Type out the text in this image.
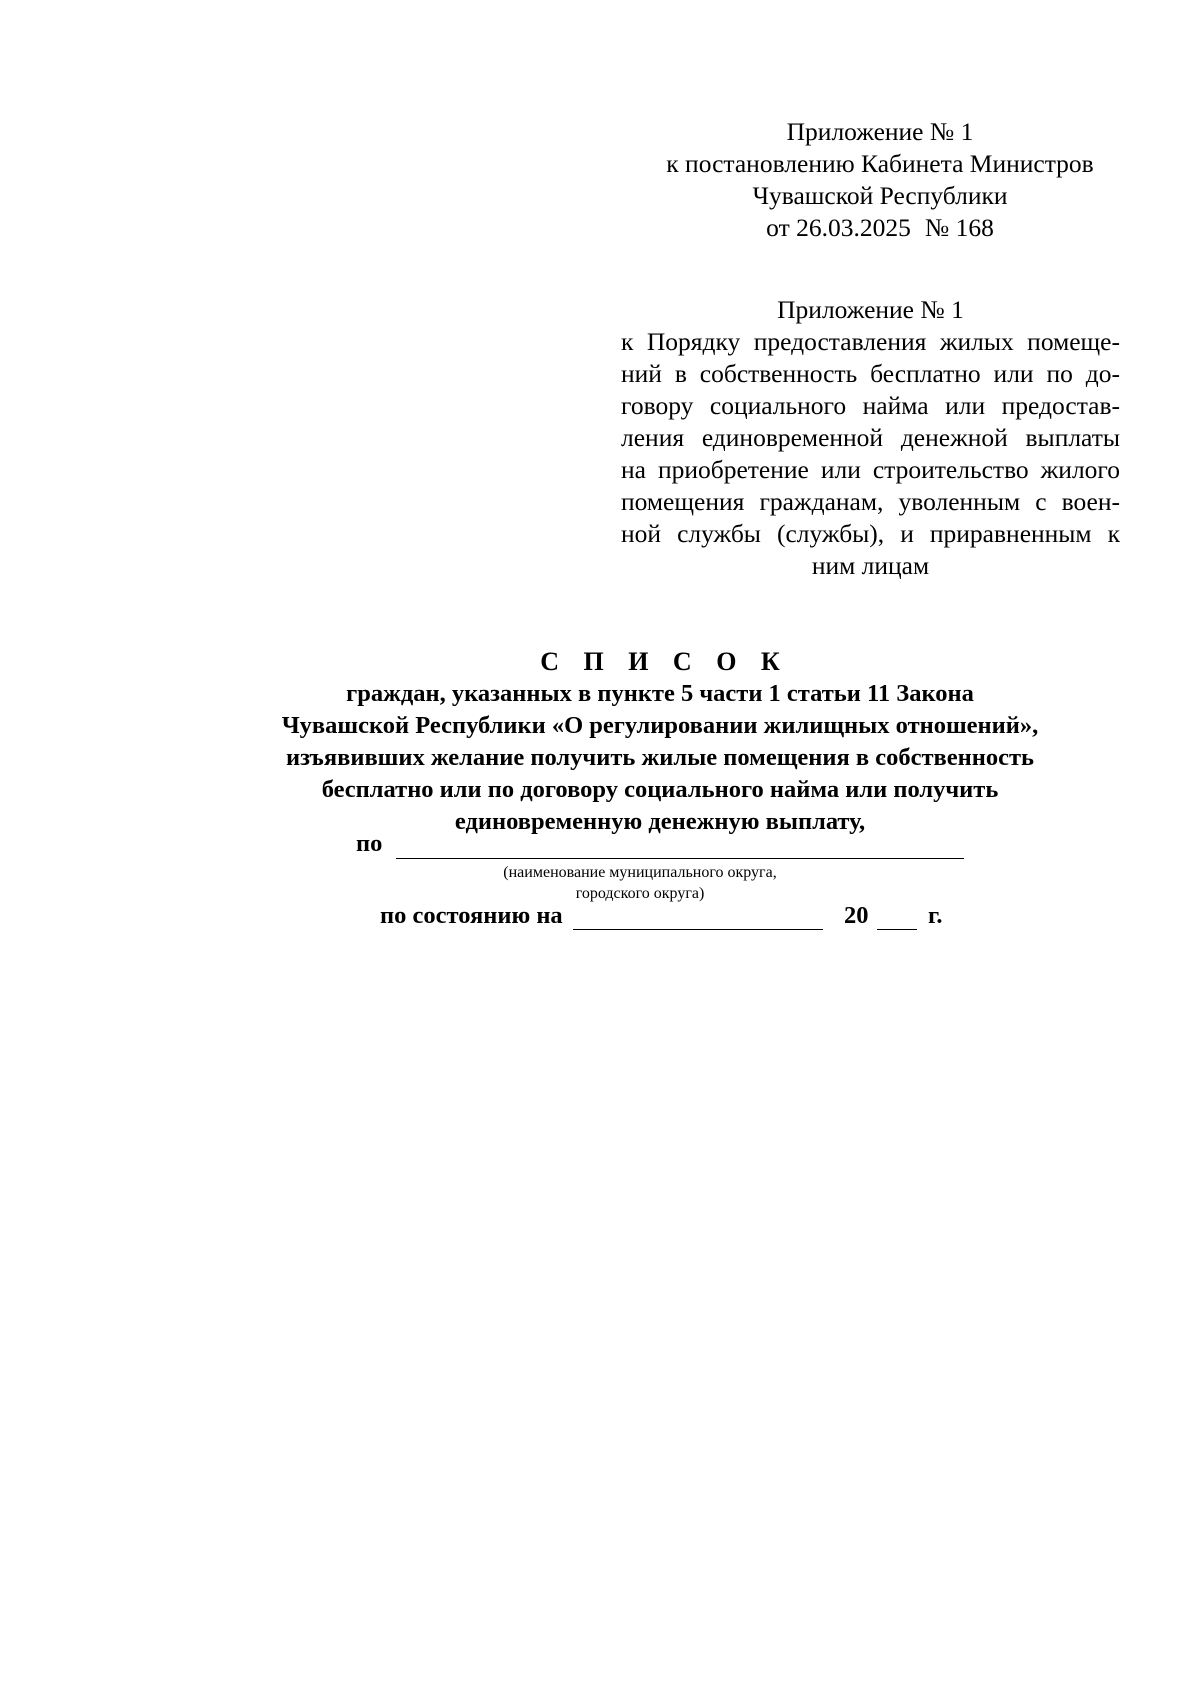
Приложение № 1
к постановлению Кабинета Министров
Чувашской Республики
от 26.03.2025 № 168
Приложение № 1
к Порядку предоставления жилых помеще-
ний в собственность бесплатно или по до-
говору социального найма или предостав-
ления единовременной денежной выплаты
на приобретение или строительство жилого
помещения гражданам, уволенным с воен-
ной службы (службы), и приравненным к
ним лицам
С П И С О К
граждан, указанных в пункте 5 части 1 статьи 11 Закона
Чувашской Республики «О регулировании жилищных отношений»,
изъявивших желание получить жилые помещения в собственность
бесплатно или по договору социального найма или получить
единовременную денежную выплату,
по
(наименование муниципального округа,
городского округа)
по состоянию на	20 г.
